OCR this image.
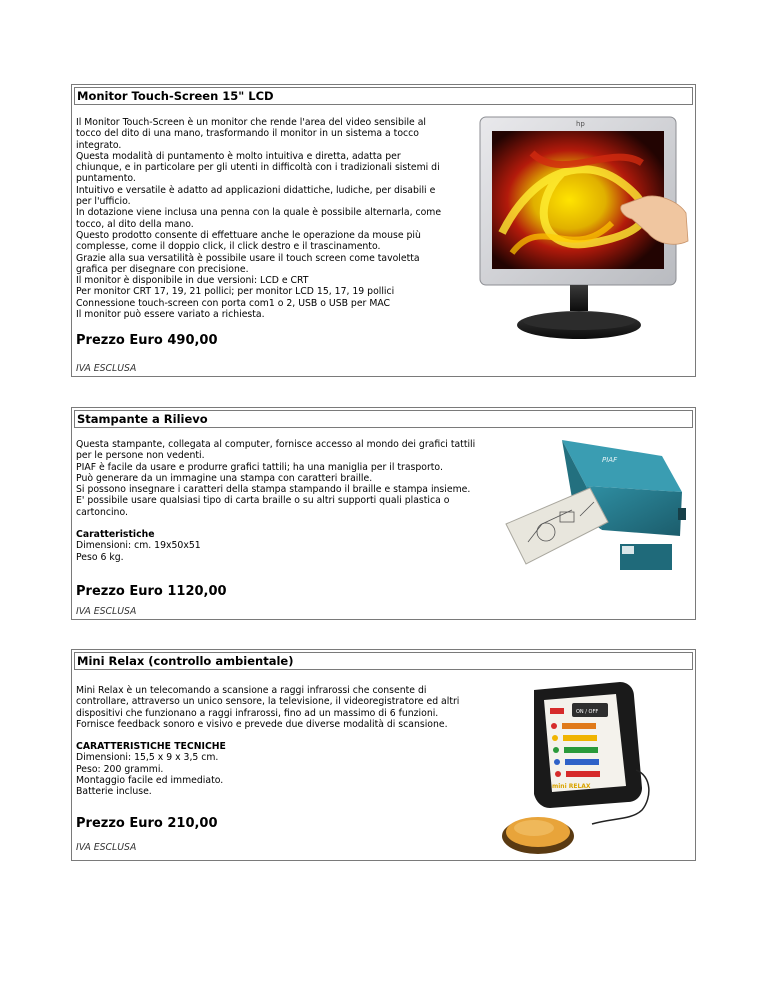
Monitor Touch-Screen 15" LCD

Il Monitor Touch-Screen è un monitor che rende l'area del video sensibile al

tocco del dito di una mano, trasformando il monitor in un sistema a tocco

integrato.

Questa modalità di puntamento è molto intuitiva e diretta, adatta per

chiunque, e in particolare per gli utenti in difficoltà con i tradizionali sistemi di

puntamento.

Intuitivo e versatile è adatto ad applicazioni didattiche, ludiche, per disabili e

per l'ufficio.

In dotazione viene inclusa una penna con la quale è possibile alternarla, come

tocco, al dito della mano.

Questo prodotto consente di effettuare anche le operazione da mouse più

complesse, come il doppio click, il click destro e il trascinamento.

Grazie alla sua versatilità è possibile usare il touch screen come tavoletta

grafica per disegnare con precisione.

Il monitor è disponibile in due versioni: LCD e CRT

Per monitor CRT 17, 19, 21 pollici; per monitor LCD 15, 17, 19 pollici

Connessione touch-screen con porta com1 o 2, USB o USB per MAC

Il monitor può essere variato a richiesta.

Prezzo Euro 490,00
IVA ESCLUSA
hp
Stampante a Rilievo

Questa stampante, collegata al computer, fornisce accesso al mondo dei grafici tattili

per le persone non vedenti.

PIAF è facile da usare e produrre grafici tattili; ha una maniglia per il trasporto.

Può generare da un immagine una stampa con caratteri braille.

Si possono insegnare i caratteri della stampa stampando il braille e stampa insieme.

E' possibile usare qualsiasi tipo di carta braille o su altri supporti quali plastica o

cartoncino.

Caratteristiche

Dimensioni: cm. 19x50x51

Peso 6 kg.

Prezzo Euro 1120,00
IVA ESCLUSA
PIAF
Mini Relax (controllo ambientale)

Mini Relax è un telecomando a scansione a raggi infrarossi che consente di

controllare, attraverso un unico sensore, la televisione, il videoregistratore ed altri

dispositivi che funzionano a raggi infrarossi, fino ad un massimo di 6 funzioni.

Fornisce feedback sonoro e visivo e prevede due diverse modalità di scansione.

CARATTERISTICHE TECNICHE

Dimensioni: 15,5 x 9 x 3,5 cm.

Peso: 200 grammi.

Montaggio facile ed immediato.

Batterie incluse.

Prezzo Euro 210,00
IVA ESCLUSA
ON / OFF
mini RELAX
